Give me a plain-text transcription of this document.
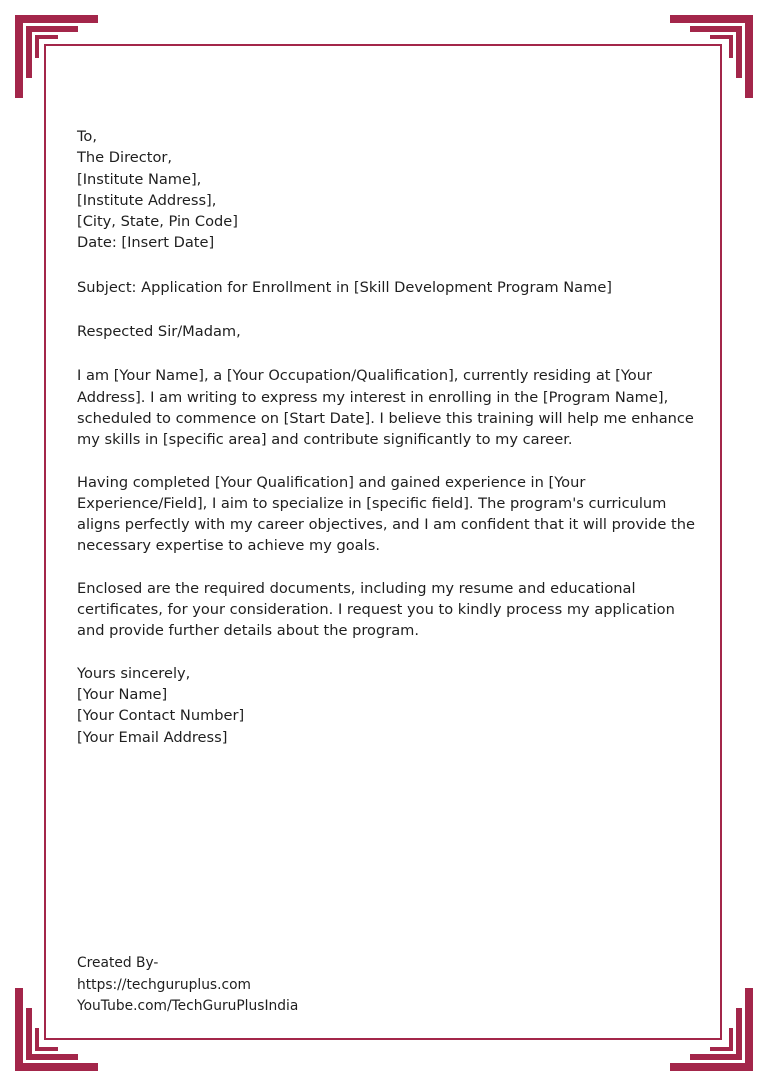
To,
The Director,
[Institute Name],
[Institute Address],
[City, State, Pin Code]
Date: [Insert Date]

Subject: Application for Enrollment in [Skill Development Program Name]

Respected Sir/Madam,

I am [Your Name], a [Your Occupation/Qualification], currently residing at [Your Address]. I am writing to express my interest in enrolling in the [Program Name], scheduled to commence on [Start Date]. I believe this training will help me enhance my skills in [specific area] and contribute significantly to my career.

Having completed [Your Qualification] and gained experience in [Your Experience/Field], I aim to specialize in [specific field]. The program's curriculum aligns perfectly with my career objectives, and I am confident that it will provide the necessary expertise to achieve my goals.

Enclosed are the required documents, including my resume and educational certificates, for your consideration. I request you to kindly process my application and provide further details about the program.

Yours sincerely,
[Your Name]
[Your Contact Number]
[Your Email Address]
Created By-
https://techguruplus.com
YouTube.com/TechGuruPlusIndia
